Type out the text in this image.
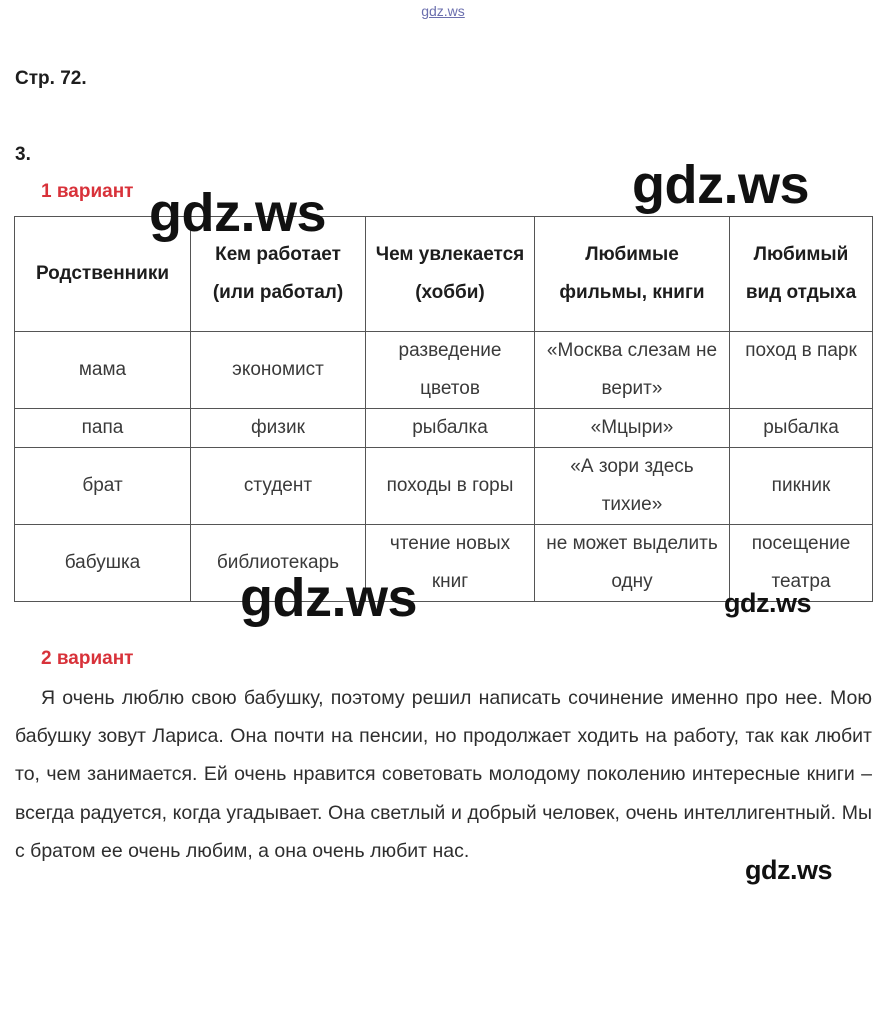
gdz.ws
Стр. 72.
3.
1 вариант
Родственники	Кем работает (или работал)	Чем увлекается (хобби)	Любимые фильмы, книги	Любимый вид отдыха
мама	экономист	разведение цветов	«Москва слезам не верит»	поход в парк
папа	физик	рыбалка	«Мцыри»	рыбалка
брат	студент	походы в горы	«А зори здесь тихие»	пикник
бабушка	библиотекарь	чтение новых книг	не может выделить одну	посещение театра
2 вариант

Я очень люблю свою бабушку, поэтому решил написать сочинение именно про нее. Мою бабушку зовут Лариса. Она почти на пенсии, но продолжает ходить на работу, так как любит то, чем занимается. Ей очень нравится советовать молодому поколению интересные книги – всегда радуется, когда угадывает. Она светлый и добрый человек, очень интеллигентный. Мы с братом ее очень любим, а она очень любит нас.

gdz.ws	gdz.ws
gdz.ws	gdz.ws
gdz.ws
